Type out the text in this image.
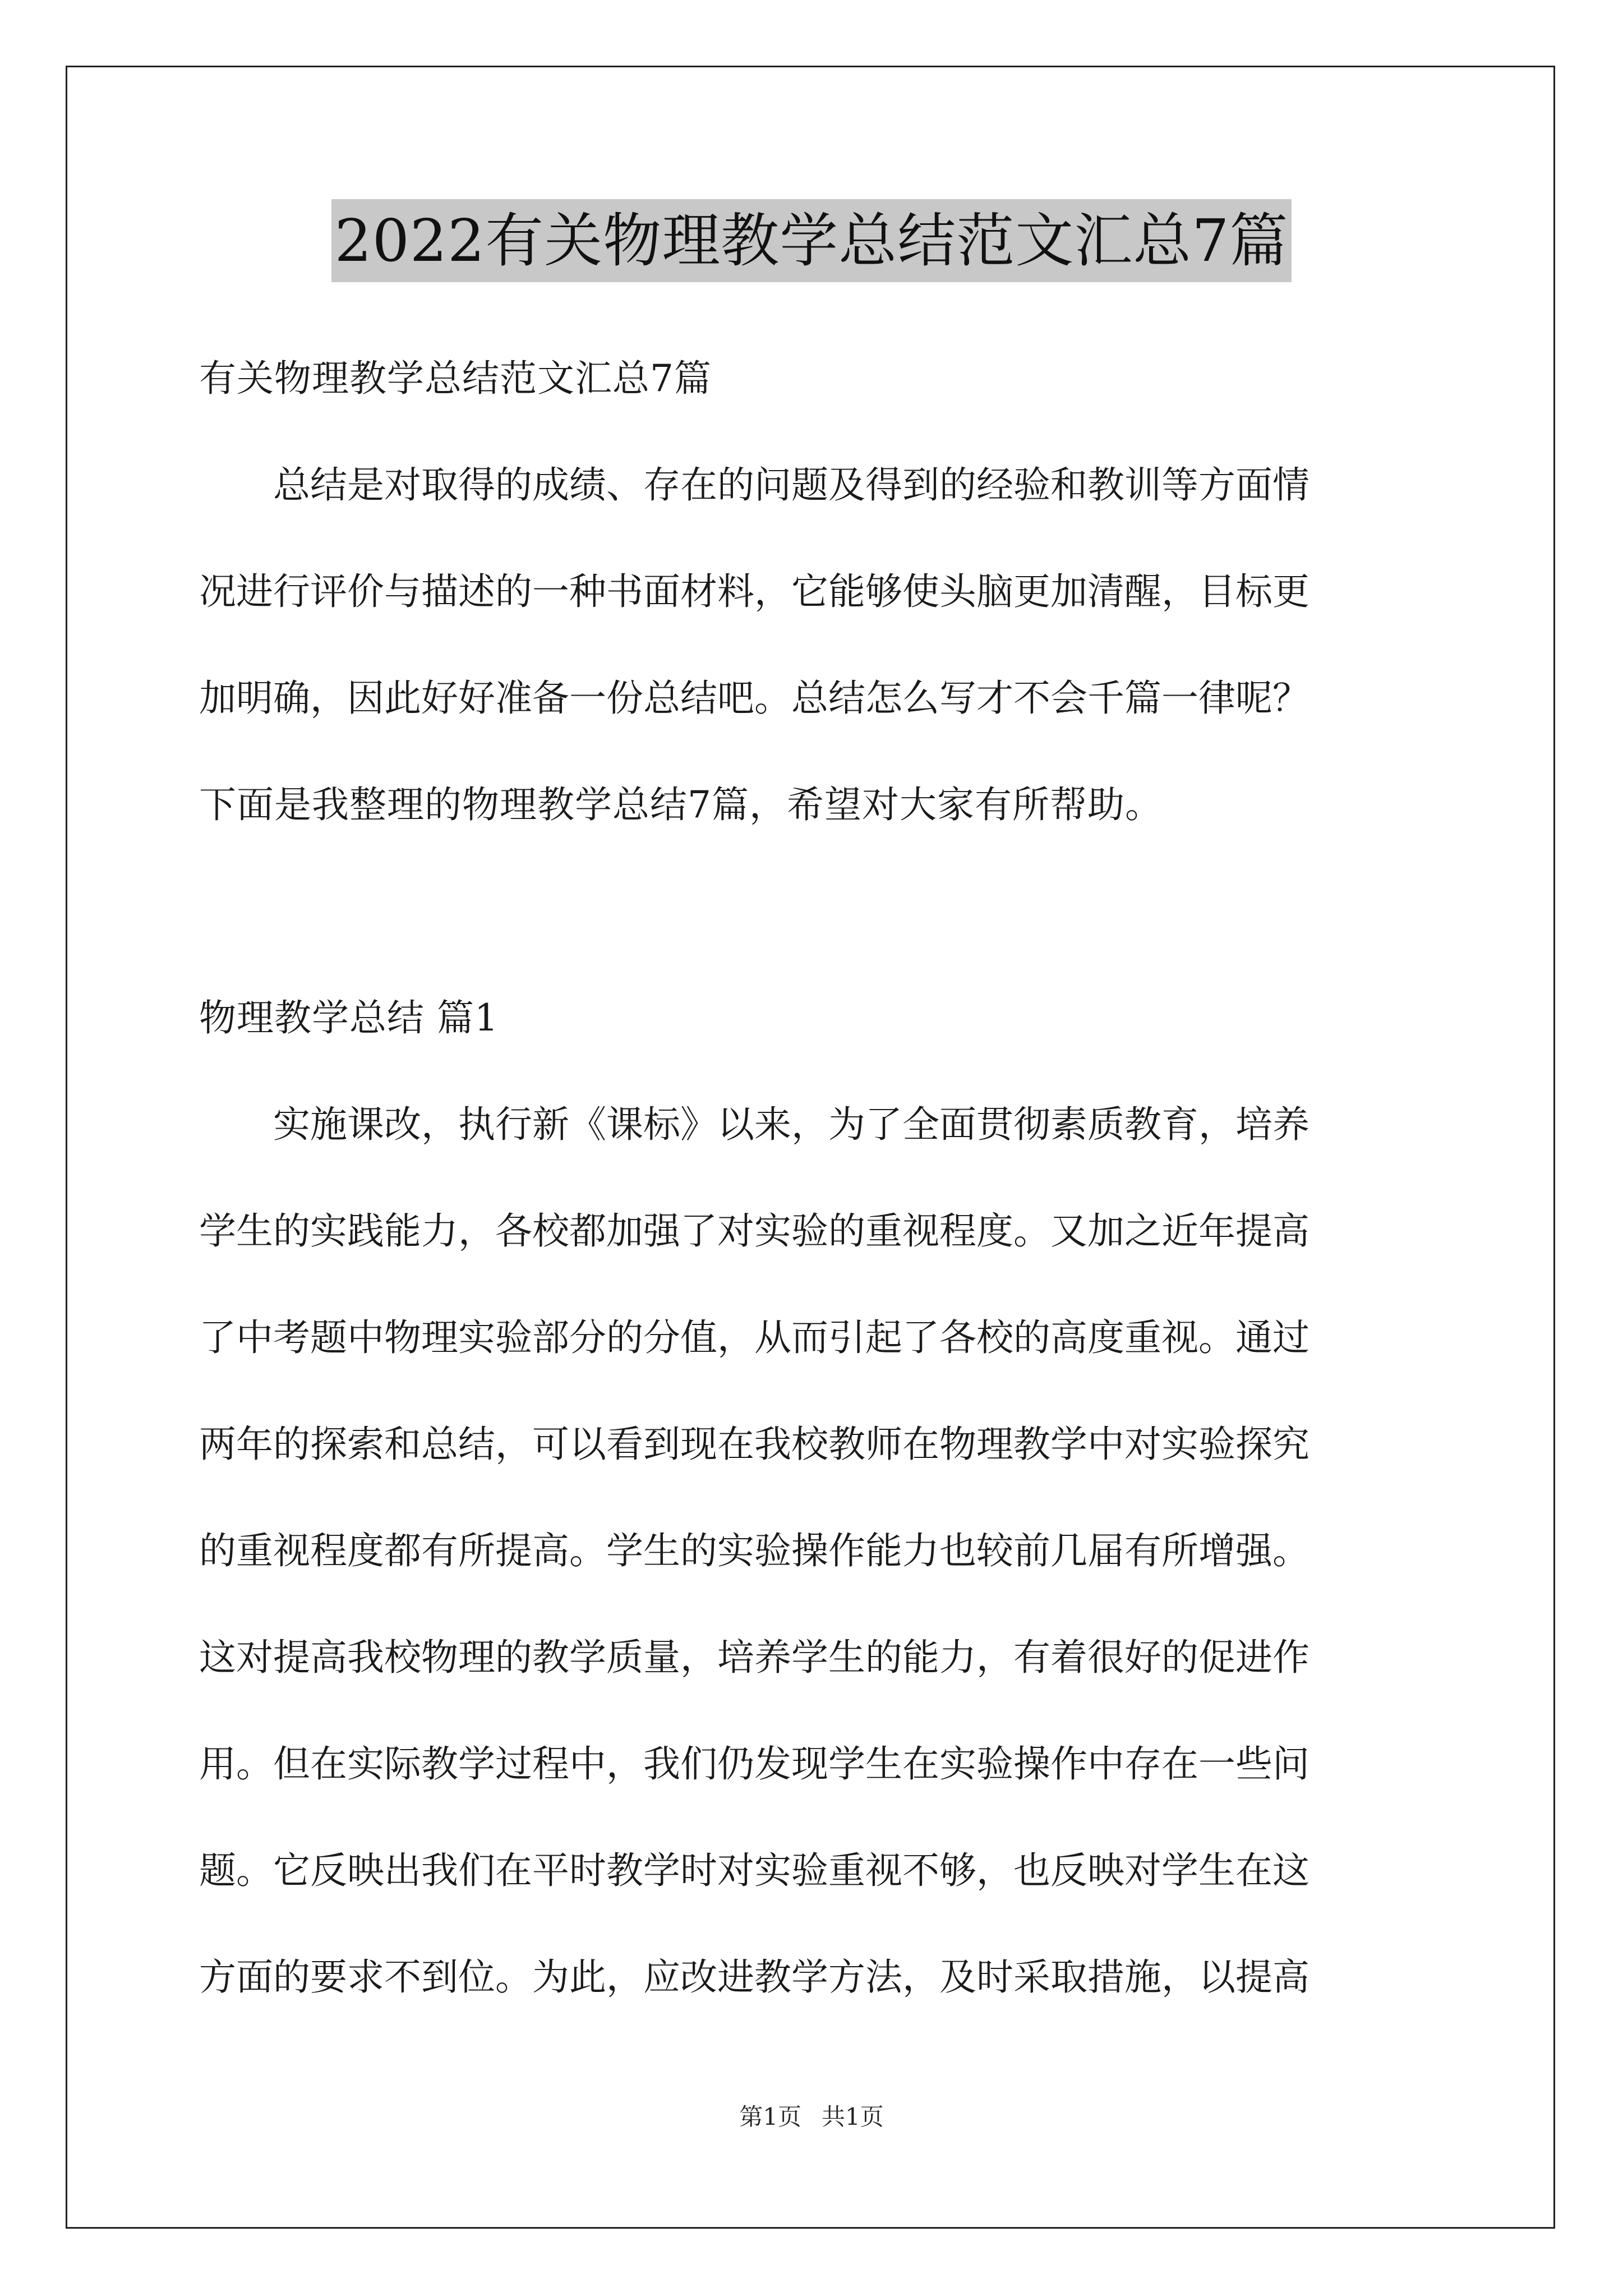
2022有关物理教学总结范文汇总7篇
有关物理教学总结范文汇总7篇
　　总结是对取得的成绩、存在的问题及得到的经验和教训等方面情
况进行评价与描述的一种书面材料，它能够使头脑更加清醒，目标更
加明确，因此好好准备一份总结吧。总结怎么写才不会千篇一律呢？
下面是我整理的物理教学总结7篇，希望对大家有所帮助。
物理教学总结 篇1
　　实施课改，执行新《课标》以来，为了全面贯彻素质教育，培养
学生的实践能力，各校都加强了对实验的重视程度。又加之近年提高
了中考题中物理实验部分的分值，从而引起了各校的高度重视。通过
两年的探索和总结，可以看到现在我校教师在物理教学中对实验探究
的重视程度都有所提高。学生的实验操作能力也较前几届有所增强。
这对提高我校物理的教学质量，培养学生的能力，有着很好的促进作
用。但在实际教学过程中，我们仍发现学生在实验操作中存在一些问
题。它反映出我们在平时教学时对实验重视不够，也反映对学生在这
方面的要求不到位。为此，应改进教学方法，及时采取措施，以提高
第1页 共1页
